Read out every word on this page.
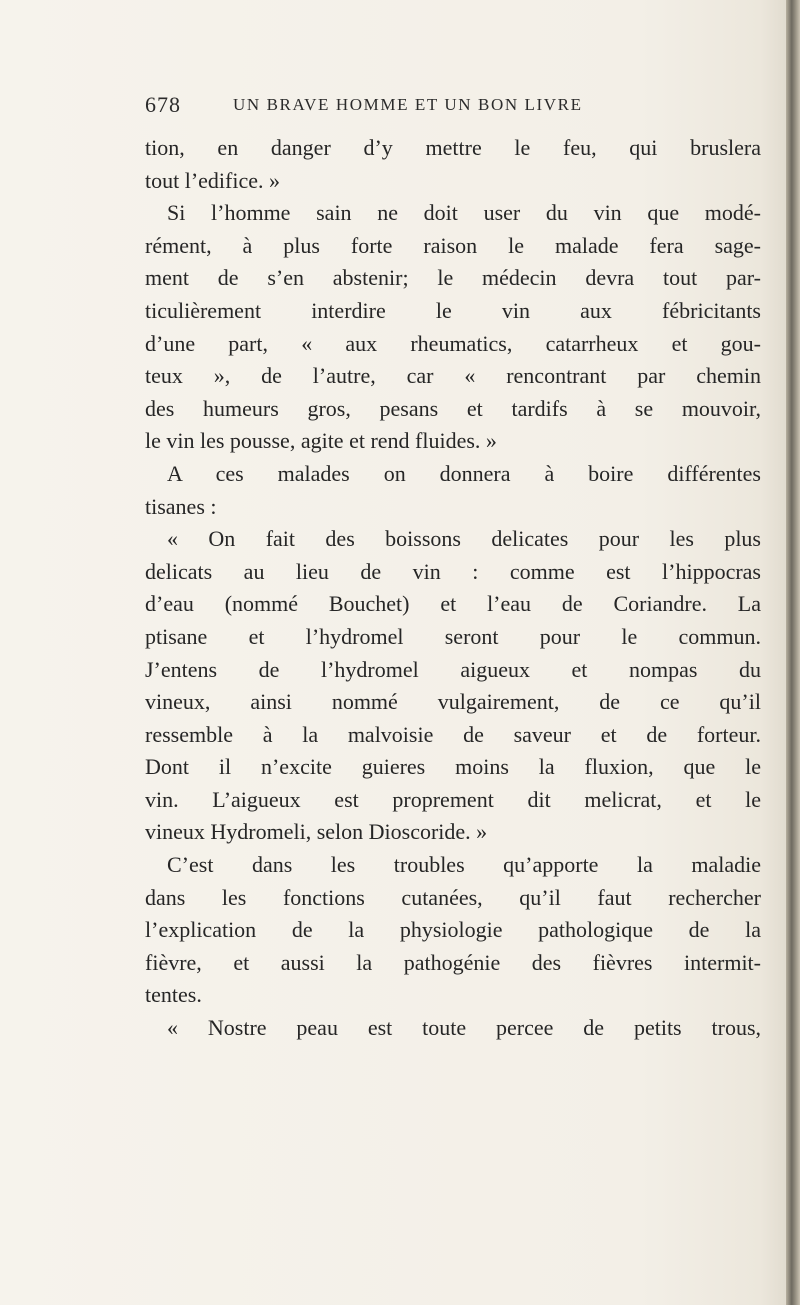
678	UN BRAVE HOMME ET UN BON LIVRE
tion, en danger d’y mettre le feu, qui bruslera
tout l’edifice. »
Si l’homme sain ne doit user du vin que modé-
rément, à plus forte raison le malade fera sage-
ment de s’en abstenir; le médecin devra tout par-
ticulièrement interdire le vin aux fébricitants
d’une part, « aux rheumatics, catarrheux et gou-
teux », de l’autre, car « rencontrant par chemin
des humeurs gros, pesans et tardifs à se mouvoir,
le vin les pousse, agite et rend fluides. »
A ces malades on donnera à boire différentes
tisanes :
« On fait des boissons delicates pour les plus
delicats au lieu de vin : comme est l’hippocras
d’eau (nommé Bouchet) et l’eau de Coriandre. La
ptisane et l’hydromel seront pour le commun.
J’entens de l’hydromel aigueux et nompas du
vineux, ainsi nommé vulgairement, de ce qu’il
ressemble à la malvoisie de saveur et de forteur.
Dont il n’excite guieres moins la fluxion, que le
vin. L’aigueux est proprement dit melicrat, et le
vineux Hydromeli, selon Dioscoride. »
C’est dans les troubles qu’apporte la maladie
dans les fonctions cutanées, qu’il faut rechercher
l’explication de la physiologie pathologique de la
fièvre, et aussi la pathogénie des fièvres intermit-
tentes.
« Nostre peau est toute percee de petits trous,
